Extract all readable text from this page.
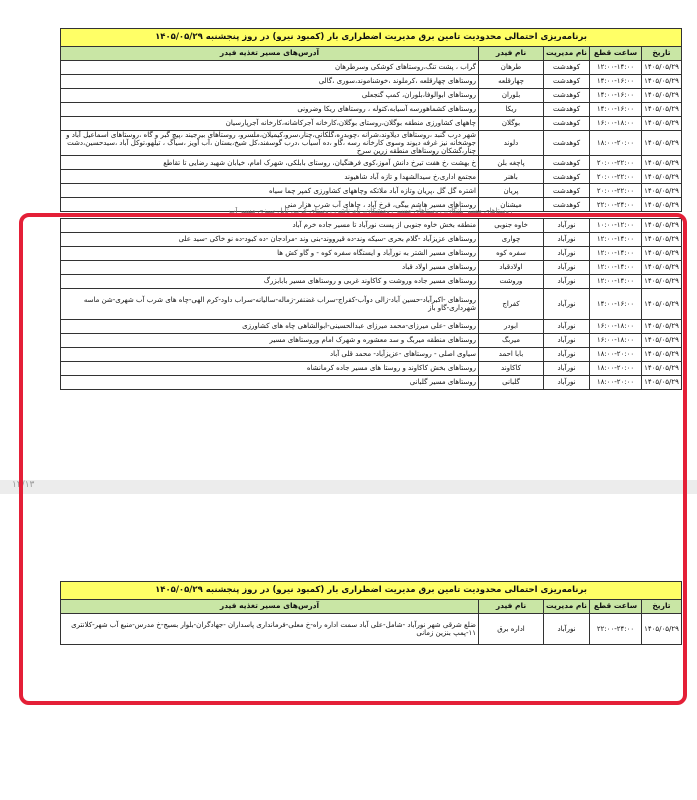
برنامه‌ریزی احتمالی محدودیت تامین برق مدیریت اضطراری بار (کمبود نیرو) در روز پنجشنبه ۱۴۰۵/۰۵/۲۹				
تاریخ	ساعت قطع	نام مدیریت	نام فیدر	آدرس‌های مسیر تغذیه فیدر
۱۴۰۵/۰۵/۲۹	۱۲:۰۰-۱۴:۰۰	کوهدشت	طرهان	گراب ، پشت تنگ،روستاهای کوشکی وسرطرهان
۱۴۰۵/۰۵/۲۹	۱۴:۰۰-۱۶:۰۰	کوهدشت	چهارقلعه	روستاهای چهارقلعه ،کرملوند ،خوشناموند،سوری ،گالی
۱۴۰۵/۰۵/۲۹	۱۴:۰۰-۱۶:۰۰	کوهدشت	بلوران	روستاهای ابوالوفا،بلوران، کمپ گنجعلی
۱۴۰۵/۰۵/۲۹	۱۴:۰۰-۱۶:۰۰	کوهدشت	ریکا	روستاهای کشماهورسه آسیابه،کتوله ، روستاهای ریکا وضرونی
۱۴۰۵/۰۵/۲۹	۱۶:۰۰-۱۸:۰۰	کوهدشت	بوگلان	چاههای کشاورزی منطقه بوگلان،روستای بوگلان،کارخانه آجرکاشانه،کارخانه آجرپارسیان
۱۴۰۵/۰۵/۲۹	۱۸:۰۰-۲۰:۰۰	کوهدشت	دلوند	شهر درب گنبد ،روستاهای دیلاوند،شرانه ،چوبدره،گلکانی،چنار،سرو،کیمیلان،ملسرو، روستاهای بیرجیند ،پیچ گبر و گاه ،روستاهای اسماعیل آباد و جوشخانه نیز غرفه دیوند وسوی کارخانه رسه ،گاو ،ده آسیاب ،درب گوسفند،کل شیخ،بستان ،آب آویز ،سیاگ ، تیلهو،توکل آباد ،سیدحسین،دشت چنار،گشکان روستاهای منطقه زرین سرخ
۱۴۰۵/۰۵/۲۹	۲۰:۰۰-۲۲:۰۰	کوهدشت	پاچغه بلن	خ بهشت ،خ هفت تیرخ دانش آموز،کوی فرهنگیان، روستای بابلکی، شهرک امام، خیابان شهید رضایی تا تقاطع
۱۴۰۵/۰۵/۲۹	۲۰:۰۰-۲۲:۰۰	کوهدشت	باهنر	مجتمع اداری،خ سیدالشهدا و تازه آباد شاهیوند
۱۴۰۵/۰۵/۲۹	۲۰:۰۰-۲۲:۰۰	کوهدشت	پریان	اشتره گل گل ،پریان وتازه آباد ملاتکه وچاههای کشاورزی کمپر چما سیاه
۱۴۰۵/۰۵/۲۹	۲۲:۰۰-۲۴:۰۰	کوهدشت	میشنان	روستاهای مسیر هاشم بیگی، فرخ آباد ، چاهای آب شرب هزار منی
روستاهای مسیر پلنگان، روستاهای مسیر رومشکان، نام ناشر، روستای غرب، تاپل سبزی مسیر آب
۱۴۰۵/۰۵/۲۹	۱۰:۰۰-۱۲:۰۰	نورآباد	خاوه جنوبی	منطقه بخش خاوه جنوبی از پست نورآباد تا مسیر جاده خرم آباد
۱۴۰۵/۰۵/۲۹	۱۲:۰۰-۱۴:۰۰	نورآباد	چواری	روستاهای عزیزآباد -گلام بحری -سیکه وند-ده قیرووند-بنی وند -مرادجان -ده کبود-ده نو خاکی -سید علی
۱۴۰۵/۰۵/۲۹	۱۲:۰۰-۱۴:۰۰	نورآباد	سفره کوه	روستاهای مسیر الشتر به نورآباد و ایستگاه سفره کوه - و گاو کش ها
۱۴۰۵/۰۵/۲۹	۱۲:۰۰-۱۴:۰۰	نورآباد	اولادقباد	روستاهای مسیر اولاد قباد
۱۴۰۵/۰۵/۲۹	۱۲:۰۰-۱۴:۰۰	نورآباد	وروشت	روستاهای مسیر جاده وروشت و کاکاوند غربی و روستاهای مسیر بابابزرگ
۱۴۰۵/۰۵/۲۹	۱۴:۰۰-۱۶:۰۰	نورآباد	کفراج	روستاهای -اکبرآباد-حسین آباد-زالی دوآب-کفراج-سراب غضنفر-زماله-سالیانه-سراب داود-کرم الهی-چاه های شرب آب شهری-شن ماسه شهرداری-گاو باز
۱۴۰۵/۰۵/۲۹	۱۶:۰۰-۱۸:۰۰	نورآباد	ابودر	روستاهای -علی میرزای-محمد میرزای عبدالحسینی-ابوالشاهی چاه های کشاورزی
۱۴۰۵/۰۵/۲۹	۱۶:۰۰-۱۸:۰۰	نورآباد	میربگ	روستاهای منطقه میربگ و سد معشوره و شهرک امام وروستاهای مسیر
۱۴۰۵/۰۵/۲۹	۱۸:۰۰-۲۰:۰۰	نورآباد	بابا احمد	سیاوی اصلی - روستاهای -عزیزآباد- محمد قلی آباد
۱۴۰۵/۰۵/۲۹	۱۸:۰۰-۲۰:۰۰	نورآباد	کاکاوند	روستاهای بخش کاکاوند و روستا های مسیر جاده کرمانشاه
۱۴۰۵/۰۵/۲۹	۱۸:۰۰-۲۰:۰۰	نورآباد	گلبانی	روستاهای مسیر گلبانی
۱۴/۱۳
برنامه‌ریزی احتمالی محدودیت تامین برق مدیریت اضطراری بار (کمبود نیرو) در روز پنجشنبه ۱۴۰۵/۰۵/۲۹				
تاریخ	ساعت قطع	نام مدیریت	نام فیدر	آدرس‌های مسیر تغذیه فیدر
۱۴۰۵/۰۵/۲۹	۲۲:۰۰-۲۴:۰۰	نورآباد	اداره برق	ضلع شرقی شهر نورآباد -شامل-علی آباد سمت اداره راه-خ معلی-فرمانداری پاسداران -جهادگران-بلوار بسیج-خ مدرس-منبع آب شهر-کلانتری ۱۱-پمپ بنزین زمانی
